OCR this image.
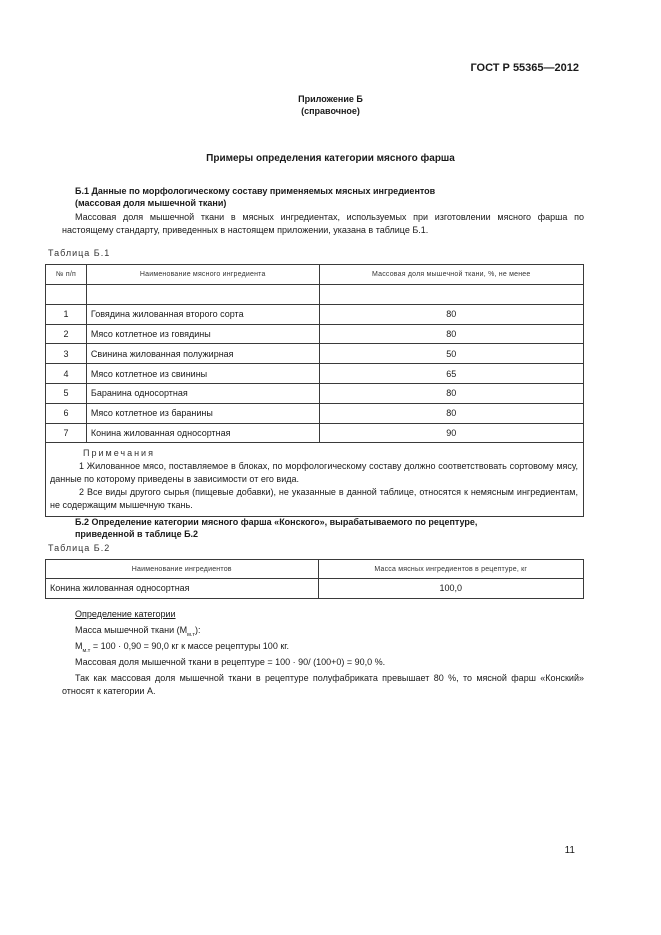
ГОСТ Р 55365—2012
Приложение Б
(справочное)
Примеры определения категории мясного фарша
Б.1 Данные по морфологическому составу применяемых мясных ингредиентов
(массовая доля мышечной ткани)
Массовая доля мышечной ткани в мясных ингредиентах, используемых при изготовлении мясного фарша по настоящему стандарту, приведенных в настоящем приложении, указана в таблице Б.1.
Таблица Б.1
№ п/п	Наименование мясного ингредиента	Массовая доля мышечной ткани, %, не менее

1	Говядина жилованная второго сорта	80
2	Мясо котлетное из говядины	80
3	Свинина жилованная полужирная	50
4	Мясо котлетное из свинины	65
5	Баранина односортная	80
6	Мясо котлетное из баранины	80
7	Конина жилованная односортная	90

Примечания
1 Жилованное мясо, поставляемое в блоках, по морфологическому составу должно соответствовать сортовому мясу, данные по которому приведены в зависимости от его вида.
2 Все виды другого сырья (пищевые добавки), не указанные в данной таблице, относятся к немясным ингредиентам, не содержащим мышечную ткань.		
Б.2 Определение категории мясного фарша «Конского», вырабатываемого по рецептуре,
приведенной в таблице Б.2
Таблица Б.2
Наименование ингредиентов	Масса мясных ингредиентов в рецептуре, кг
Конина жилованная односортная	100,0
Определение категории
Масса мышечной ткани $(М_{м.т})$:
$М_{м.т} = 100 \cdot 0,90 = 90,0$ кг к массе рецептуры 100 кг.
Массовая доля мышечной ткани в рецептуре = 100 · 90/ (100+0) = 90,0 %.
Так как массовая доля мышечной ткани в рецептуре полуфабриката превышает 80 %, то мясной фарш «Конский» относят к категории А.
11
